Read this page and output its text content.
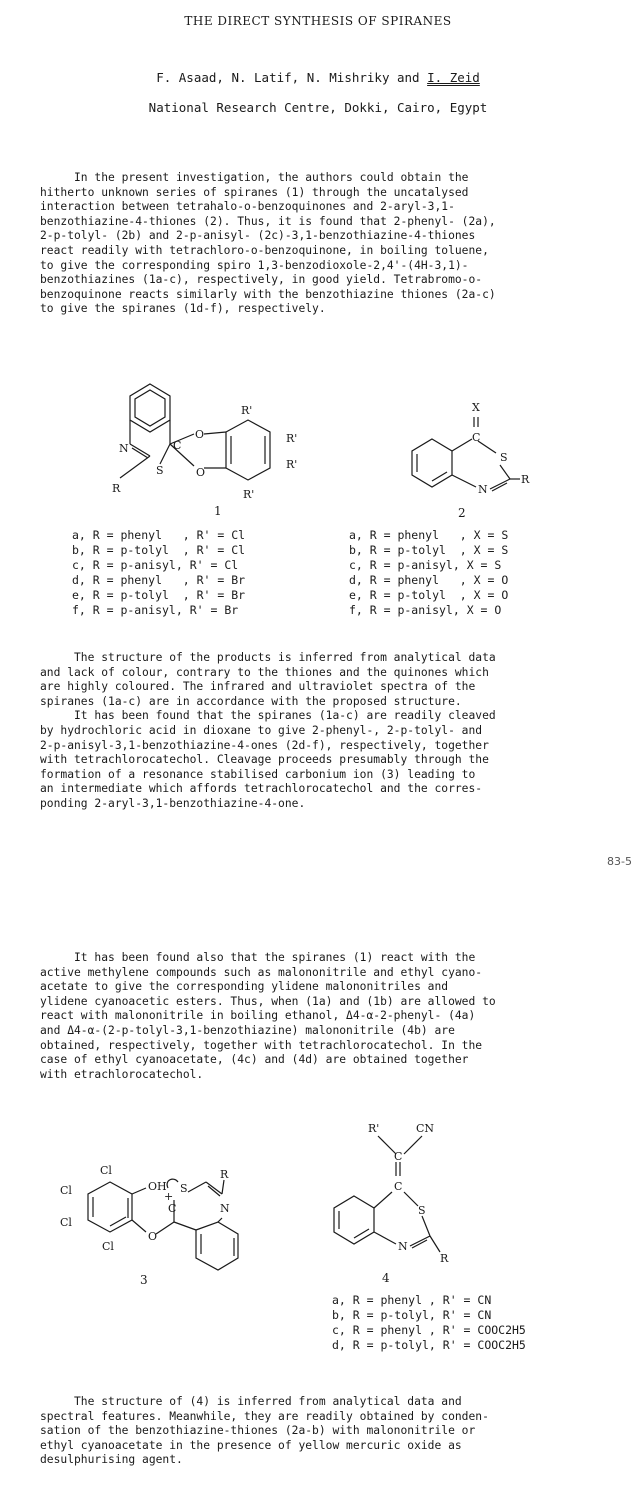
THE DIRECT SYNTHESIS OF SPIRANES
F. Asaad, N. Latif, N. Mishriky and I. Zeid
National Research Centre, Dokki, Cairo, Egypt

In the present investigation, the authors could obtain the
hitherto unknown series of spiranes (1) through the uncatalysed
interaction between tetrahalo-o-benzoquinones and 2-aryl-3,1-
benzothiazine-4-thiones (2). Thus, it is found that 2-phenyl- (2a),
2-p-tolyl- (2b) and 2-p-anisyl- (2c)-3,1-benzothiazine-4-thiones
react readily with tetrachloro-o-benzoquinone, in boiling toluene,
to give the corresponding spiro 1,3-benzodioxole-2,4'-(4H-3,1)-
benzothiazines (1a-c), respectively, in good yield. Tetrabromo-o-
benzoquinone reacts similarly with the benzothiazine thiones (2a-c)
to give the spiranes (1d-f), respectively.

N	C
S
O
O
R
R'
R'
R'
R'
1
a, R = phenyl   , R' = Cl
b, R = p-tolyl  , R' = Cl
c, R = p-anisyl, R' = Cl
d, R = phenyl   , R' = Br
e, R = p-tolyl  , R' = Br
f, R = p-anisyl, R' = Br
X
C
S
N
R
2
a, R = phenyl   , X = S
b, R = p-tolyl  , X = S
c, R = p-anisyl, X = S
d, R = phenyl   , X = O
e, R = p-tolyl  , X = O
f, R = p-anisyl, X = O

The structure of the products is inferred from analytical data
and lack of colour, contrary to the thiones and the quinones which
are highly coloured. The infrared and ultraviolet spectra of the
spiranes (1a-c) are in accordance with the proposed structure.
It has been found that the spiranes (1a-c) are readily cleaved
by hydrochloric acid in dioxane to give 2-phenyl-, 2-p-tolyl- and
2-p-anisyl-3,1-benzothiazine-4-ones (2d-f), respectively, together
with tetrachlorocatechol. Cleavage proceeds presumably through the
formation of a resonance stabilised carbonium ion (3) leading to
an intermediate which affords tetrachlorocatechol and the corres-
ponding 2-aryl-3,1-benzothiazine-4-one.

83-5

It has been found also that the spiranes (1) react with the
active methylene compounds such as malononitrile and ethyl cyano-
acetate to give the corresponding ylidene malononitriles and
ylidene cyanoacetic esters. Thus, when (1a) and (1b) are allowed to
react with malononitrile in boiling ethanol, Δ4-α-2-phenyl- (4a)
and Δ4-α-(2-p-tolyl-3,1-benzothiazine) malononitrile (4b) are
obtained, respectively, together with tetrachlorocatechol. In the
case of ethyl cyanoacetate, (4c) and (4d) are obtained together
with etrachlorocatechol.

Cl
Cl
Cl
Cl
OH
O
S
+
C
R
N
3
R'	CN
C
C
S
N
R
4
a, R = phenyl , R' = CN
b, R = p-tolyl, R' = CN
c, R = phenyl , R' = COOC2H5
d, R = p-tolyl, R' = COOC2H5

The structure of (4) is inferred from analytical data and
spectral features. Meanwhile, they are readily obtained by conden-
sation of the benzothiazine-thiones (2a-b) with malononitrile or
ethyl cyanoacetate in the presence of yellow mercuric oxide as
desulphurising agent.
